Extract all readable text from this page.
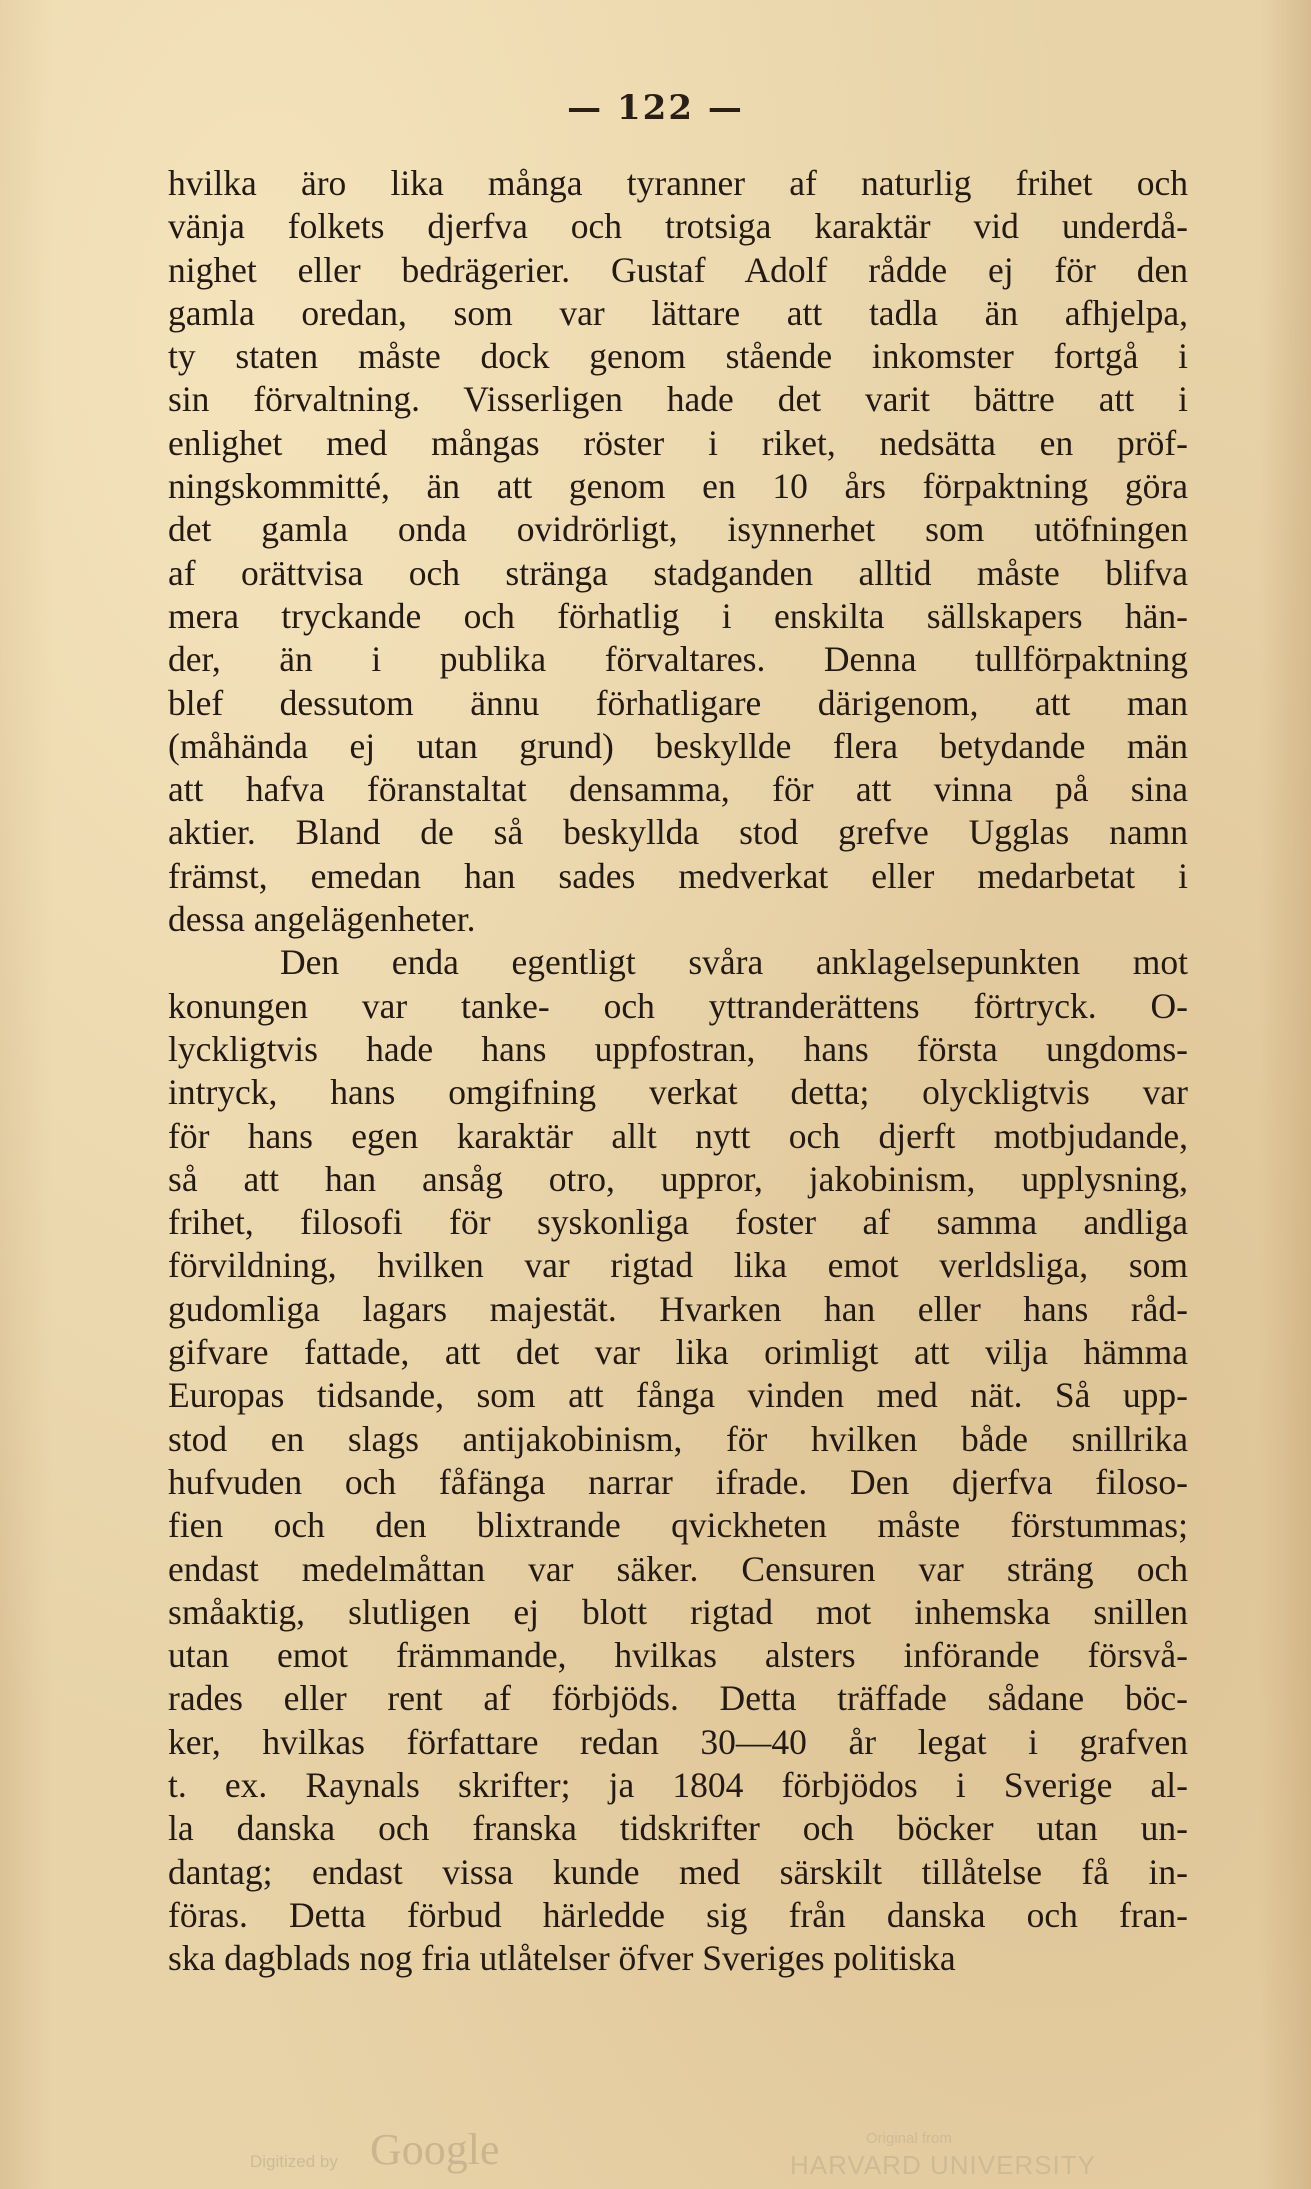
— 122 —
hvilka äro lika många tyranner af naturlig frihet och
vänja folkets djerfva och trotsiga karaktär vid underdå-
nighet eller bedrägerier. Gustaf Adolf rådde ej för den
gamla oredan, som var lättare att tadla än afhjelpa,
ty staten måste dock genom stående inkomster fortgå i
sin förvaltning. Visserligen hade det varit bättre att i
enlighet med mångas röster i riket, nedsätta en pröf-
ningskommitté, än att genom en 10 års förpaktning göra
det gamla onda ovidrörligt, isynnerhet som utöfningen
af orättvisa och stränga stadganden alltid måste blifva
mera tryckande och förhatlig i enskilta sällskapers hän-
der, än i publika förvaltares. Denna tullförpaktning
blef dessutom ännu förhatligare därigenom, att man
(måhända ej utan grund) beskyllde flera betydande män
att hafva föranstaltat densamma, för att vinna på sina
aktier. Bland de så beskyllda stod grefve Ugglas namn
främst, emedan han sades medverkat eller medarbetat i
dessa angelägenheter.
Den enda egentligt svåra anklagelsepunkten mot
konungen var tanke- och yttranderättens förtryck. O-
lyckligtvis hade hans uppfostran, hans första ungdoms-
intryck, hans omgifning verkat detta; olyckligtvis var
för hans egen karaktär allt nytt och djerft motbjudande,
så att han ansåg otro, uppror, jakobinism, upplysning,
frihet, filosofi för syskonliga foster af samma andliga
förvildning, hvilken var rigtad lika emot verldsliga, som
gudomliga lagars majestät. Hvarken han eller hans råd-
gifvare fattade, att det var lika orimligt att vilja hämma
Europas tidsande, som att fånga vinden med nät. Så upp-
stod en slags antijakobinism, för hvilken både snillrika
hufvuden och fåfänga narrar ifrade. Den djerfva filoso-
fien och den blixtrande qvickheten måste förstummas;
endast medelmåttan var säker. Censuren var sträng och
småaktig, slutligen ej blott rigtad mot inhemska snillen
utan emot främmande, hvilkas alsters införande försvå-
rades eller rent af förbjöds. Detta träffade sådane böc-
ker, hvilkas författare redan 30—40 år legat i grafven
t. ex. Raynals skrifter; ja 1804 förbjödos i Sverige al-
la danska och franska tidskrifter och böcker utan un-
dantag; endast vissa kunde med särskilt tillåtelse få in-
föras. Detta förbud härledde sig från danska och fran-
ska dagblads nog fria utlåtelser öfver Sveriges politiska
Digitized by Google	Original from
HARVARD UNIVERSITY
